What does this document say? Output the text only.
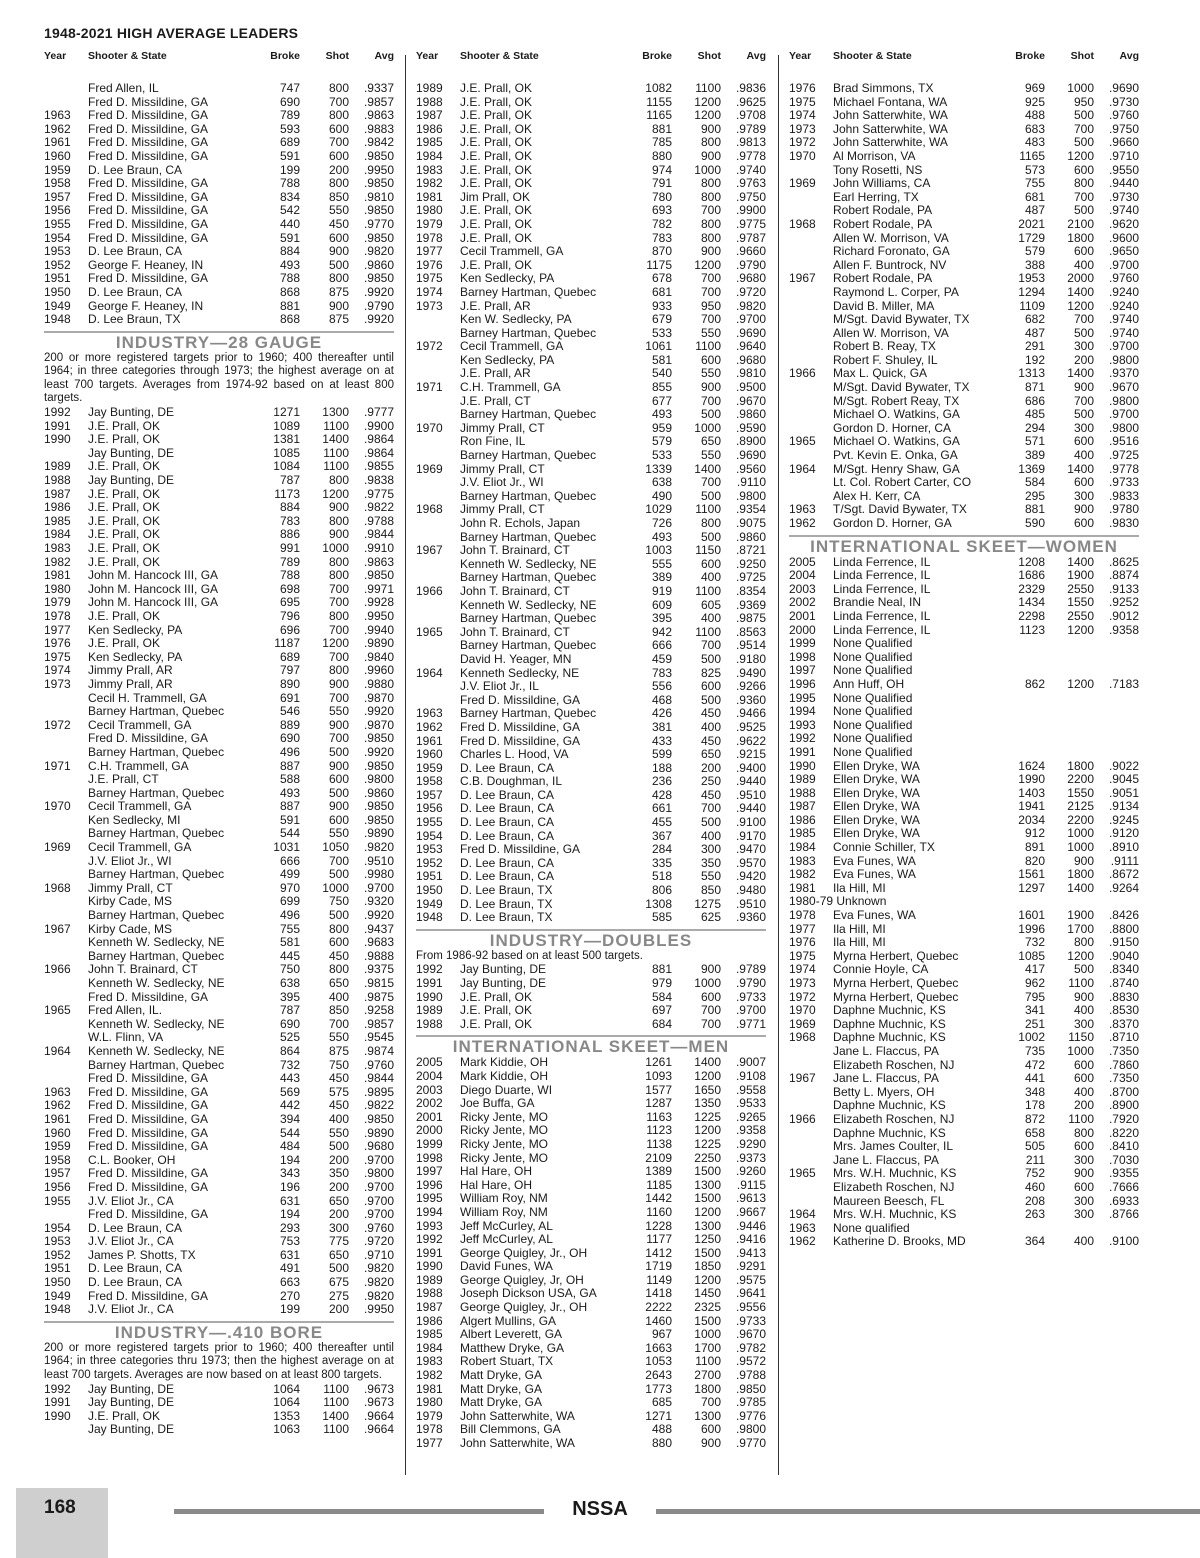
1948-2021 HIGH AVERAGE LEADERS
Year	Shooter & State	Broke	Shot	Avg
Fred Allen, IL	747	800	.9337
Fred D. Missildine, GA	690	700	.9857
1963	Fred D. Missildine, GA	789	800	.9863
1962	Fred D. Missildine, GA	593	600	.9883
1961	Fred D. Missildine, GA	689	700	.9842
1960	Fred D. Missildine, GA	591	600	.9850
1959	D. Lee Braun, CA	199	200	.9950
1958	Fred D. Missildine, GA	788	800	.9850
1957	Fred D. Missildine, GA	834	850	.9810
1956	Fred D. Missildine, GA	542	550	.9850
1955	Fred D. Missildine, GA	440	450	.9770
1954	Fred D. Missildine, GA	591	600	.9850
1953	D. Lee Braun, CA	884	900	.9820
1952	George F. Heaney, IN	493	500	.9860
1951	Fred D. Missildine, GA	788	800	.9850
1950	D. Lee Braun, CA	868	875	.9920
1949	George F. Heaney, IN	881	900	.9790
1948	D. Lee Braun, TX	868	875	.9920
INDUSTRY—28 GAUGE
200 or more registered targets prior to 1960; 400 thereafter until 1964; in three categories through 1973; the highest average on at least 700 targets. Averages from 1974-92 based on at least 800 targets.
1992	Jay Bunting, DE	1271	1300	.9777
1991	J.E. Prall, OK	1089	1100	.9900
1990	J.E. Prall, OK	1381	1400	.9864
Jay Bunting, DE	1085	1100	.9864
1989	J.E. Prall, OK	1084	1100	.9855
1988	Jay Bunting, DE	787	800	.9838
1987	J.E. Prall, OK	1173	1200	.9775
1986	J.E. Prall, OK	884	900	.9822
1985	J.E. Prall, OK	783	800	.9788
1984	J.E. Prall, OK	886	900	.9844
1983	J.E. Prall, OK	991	1000	.9910
1982	J.E. Prall, OK	789	800	.9863
1981	John M. Hancock III, GA	788	800	.9850
1980	John M. Hancock III, GA	698	700	.9971
1979	John M. Hancock III, GA	695	700	.9928
1978	J.E. Prall, OK	796	800	.9950
1977	Ken Sedlecky, PA	696	700	.9940
1976	J.E. Prall, OK	1187	1200	.9890
1975	Ken Sedlecky, PA	689	700	.9840
1974	Jimmy Prall, AR	797	800	.9960
1973	Jimmy Prall, AR	890	900	.9880
Cecil H. Trammell, GA	691	700	.9870
Barney Hartman, Quebec	546	550	.9920
1972	Cecil Trammell, GA	889	900	.9870
Fred D. Missildine, GA	690	700	.9850
Barney Hartman, Quebec	496	500	.9920
1971	C.H. Trammell, GA	887	900	.9850
J.E. Prall, CT	588	600	.9800
Barney Hartman, Quebec	493	500	.9860
1970	Cecil Trammell, GA	887	900	.9850
Ken Sedlecky, MI	591	600	.9850
Barney Hartman, Quebec	544	550	.9890
1969	Cecil Trammell, GA	1031	1050	.9820
J.V. Eliot Jr., WI	666	700	.9510
Barney Hartman, Quebec	499	500	.9980
1968	Jimmy Prall, CT	970	1000	.9700
Kirby Cade, MS	699	750	.9320
Barney Hartman, Quebec	496	500	.9920
1967	Kirby Cade, MS	755	800	.9437
Kenneth W. Sedlecky, NE	581	600	.9683
Barney Hartman, Quebec	445	450	.9888
1966	John T. Brainard, CT	750	800	.9375
Kenneth W. Sedlecky, NE	638	650	.9815
Fred D. Missildine, GA	395	400	.9875
1965	Fred Allen, IL.	787	850	.9258
Kenneth W. Sedlecky, NE	690	700	.9857
W.L. Flinn, VA	525	550	.9545
1964	Kenneth W. Sedlecky, NE	864	875	.9874
Barney Hartman, Quebec	732	750	.9760
Fred D. Missildine, GA	443	450	.9844
1963	Fred D. Missildine, GA	569	575	.9895
1962	Fred D. Missildine, GA	442	450	.9822
1961	Fred D. Missildine, GA	394	400	.9850
1960	Fred D. Missildine, GA	544	550	.9890
1959	Fred D. Missildine, GA	484	500	.9680
1958	C.L. Booker, OH	194	200	.9700
1957	Fred D. Missildine, GA	343	350	.9800
1956	Fred D. Missildine, GA	196	200	.9700
1955	J.V. Eliot Jr., CA	631	650	.9700
Fred D. Missildine, GA	194	200	.9700
1954	D. Lee Braun, CA	293	300	.9760
1953	J.V. Eliot Jr., CA	753	775	.9720
1952	James P. Shotts, TX	631	650	.9710
1951	D. Lee Braun, CA	491	500	.9820
1950	D. Lee Braun, CA	663	675	.9820
1949	Fred D. Missildine, GA	270	275	.9820
1948	J.V. Eliot Jr., CA	199	200	.9950
INDUSTRY—.410 BORE
200 or more registered targets prior to 1960; 400 thereafter until 1964; in three categories thru 1973; then the highest average on at least 700 targets. Averages are now based on at least 800 targets.
1992	Jay Bunting, DE	1064	1100	.9673
1991	Jay Bunting, DE	1064	1100	.9673
1990	J.E. Prall, OK	1353	1400	.9664
Jay Bunting, DE	1063	1100	.9664
Year	Shooter & State	Broke	Shot	Avg
1989	J.E. Prall, OK	1082	1100	.9836
1988	J.E. Prall, OK	1155	1200	.9625
1987	J.E. Prall, OK	1165	1200	.9708
1986	J.E. Prall, OK	881	900	.9789
1985	J.E. Prall, OK	785	800	.9813
1984	J.E. Prall, OK	880	900	.9778
1983	J.E. Prall, OK	974	1000	.9740
1982	J.E. Prall, OK	791	800	.9763
1981	Jim Prall, OK	780	800	.9750
1980	J.E. Prall, OK	693	700	.9900
1979	J.E. Prall, OK	782	800	.9775
1978	J.E. Prall, OK	783	800	.9787
1977	Cecil Trammell, GA	870	900	.9660
1976	J.E. Prall, OK	1175	1200	.9790
1975	Ken Sedlecky, PA	678	700	.9680
1974	Barney Hartman, Quebec	681	700	.9720
1973	J.E. Prall, AR	933	950	.9820
Ken W. Sedlecky, PA	679	700	.9700
Barney Hartman, Quebec	533	550	.9690
1972	Cecil Trammell, GA	1061	1100	.9640
Ken Sedlecky, PA	581	600	.9680
J.E. Prall, AR	540	550	.9810
1971	C.H. Trammell, GA	855	900	.9500
J.E. Prall, CT	677	700	.9670
Barney Hartman, Quebec	493	500	.9860
1970	Jimmy Prall, CT	959	1000	.9590
Ron Fine, IL	579	650	.8900
Barney Hartman, Quebec	533	550	.9690
1969	Jimmy Prall, CT	1339	1400	.9560
J.V. Eliot Jr., WI	638	700	.9110
Barney Hartman, Quebec	490	500	.9800
1968	Jimmy Prall, CT	1029	1100	.9354
John R. Echols, Japan	726	800	.9075
Barney Hartman, Quebec	493	500	.9860
1967	John T. Brainard, CT	1003	1150	.8721
Kenneth W. Sedlecky, NE	555	600	.9250
Barney Hartman, Quebec	389	400	.9725
1966	John T. Brainard, CT	919	1100	.8354
Kenneth W. Sedlecky, NE	609	605	.9369
Barney Hartman, Quebec	395	400	.9875
1965	John T. Brainard, CT	942	1100	.8563
Barney Hartman, Quebec	666	700	.9514
David H. Yeager, MN	459	500	.9180
1964	Kenneth Sedlecky, NE	783	825	.9490
J.V. Eliot Jr., IL	556	600	.9266
Fred D. Missildine, GA	468	500	.9360
1963	Barney Hartman, Quebec	426	450	.9466
1962	Fred D. Missildine, GA	381	400	.9525
1961	Fred D. Missildine, GA	433	450	.9622
1960	Charles L. Hood, VA	599	650	.9215
1959	D. Lee Braun, CA	188	200	.9400
1958	C.B. Doughman, IL	236	250	.9440
1957	D. Lee Braun, CA	428	450	.9510
1956	D. Lee Braun, CA	661	700	.9440
1955	D. Lee Braun, CA	455	500	.9100
1954	D. Lee Braun, CA	367	400	.9170
1953	Fred D. Missildine, GA	284	300	.9470
1952	D. Lee Braun, CA	335	350	.9570
1951	D. Lee Braun, CA	518	550	.9420
1950	D. Lee Braun, TX	806	850	.9480
1949	D. Lee Braun, TX	1308	1275	.9510
1948	D. Lee Braun, TX	585	625	.9360
INDUSTRY—DOUBLES
From 1986-92 based on at least 500 targets.
1992	Jay Bunting, DE	881	900	.9789
1991	Jay Bunting, DE	979	1000	.9790
1990	J.E. Prall, OK	584	600	.9733
1989	J.E. Prall, OK	697	700	.9700
1988	J.E. Prall, OK	684	700	.9771
INTERNATIONAL SKEET—MEN
2005	Mark Kiddie, OH	1261	1400	.9007
2004	Mark Kiddie, OH	1093	1200	.9108
2003	Diego Duarte, WI	1577	1650	.9558
2002	Joe Buffa, GA	1287	1350	.9533
2001	Ricky Jente, MO	1163	1225	.9265
2000	Ricky Jente, MO	1123	1200	.9358
1999	Ricky Jente, MO	1138	1225	.9290
1998	Ricky Jente, MO	2109	2250	.9373
1997	Hal Hare, OH	1389	1500	.9260
1996	Hal Hare, OH	1185	1300	.9115
1995	William Roy, NM	1442	1500	.9613
1994	William Roy, NM	1160	1200	.9667
1993	Jeff McCurley, AL	1228	1300	.9446
1992	Jeff McCurley, AL	1177	1250	.9416
1991	George Quigley, Jr., OH	1412	1500	.9413
1990	David Funes, WA	1719	1850	.9291
1989	George Quigley, Jr, OH	1149	1200	.9575
1988	Joseph Dickson USA, GA	1418	1450	.9641
1987	George Quigley, Jr., OH	2222	2325	.9556
1986	Algert Mullins, GA	1460	1500	.9733
1985	Albert Leverett, GA	967	1000	.9670
1984	Matthew Dryke, GA	1663	1700	.9782
1983	Robert Stuart, TX	1053	1100	.9572
1982	Matt Dryke, GA	2643	2700	.9788
1981	Matt Dryke, GA	1773	1800	.9850
1980	Matt Dryke, GA	685	700	.9785
1979	John Satterwhite, WA	1271	1300	.9776
1978	Bill Clemmons, GA	488	600	.9800
1977	John Satterwhite, WA	880	900	.9770
Year	Shooter & State	Broke	Shot	Avg
1976	Brad Simmons, TX	969	1000	.9690
1975	Michael Fontana, WA	925	950	.9730
1974	John Satterwhite, WA	488	500	.9760
1973	John Satterwhite, WA	683	700	.9750
1972	John Satterwhite, WA	483	500	.9660
1970	Al Morrison, VA	1165	1200	.9710
Tony Rosetti, NS	573	600	.9550
1969	John Williams, CA	755	800	.9440
Earl Herring, TX	681	700	.9730
Robert Rodale, PA	487	500	.9740
1968	Robert Rodale, PA	2021	2100	.9620
Allen W. Morrison, VA	1729	1800	.9600
Richard Foronato, GA	579	600	.9650
Allen F. Buntrock, NV	388	400	.9700
1967	Robert Rodale, PA	1953	2000	.9760
Raymond L. Corper, PA	1294	1400	.9240
David B. Miller, MA	1109	1200	.9240
M/Sgt. David Bywater, TX	682	700	.9740
Allen W. Morrison, VA	487	500	.9740
Robert B. Reay, TX	291	300	.9700
Robert F. Shuley, IL	192	200	.9800
1966	Max L. Quick, GA	1313	1400	.9370
M/Sgt. David Bywater, TX	871	900	.9670
M/Sgt. Robert Reay, TX	686	700	.9800
Michael O. Watkins, GA	485	500	.9700
Gordon D. Horner, CA	294	300	.9800
1965	Michael O. Watkins, GA	571	600	.9516
Pvt. Kevin E. Onka, GA	389	400	.9725
1964	M/Sgt. Henry Shaw, GA	1369	1400	.9778
Lt. Col. Robert Carter, CO	584	600	.9733
Alex H. Kerr, CA	295	300	.9833
1963	T/Sgt. David Bywater, TX	881	900	.9780
1962	Gordon D. Horner, GA	590	600	.9830
INTERNATIONAL SKEET—WOMEN
2005	Linda Ferrence, IL	1208	1400	.8625
2004	Linda Ferrence, IL	1686	1900	.8874
2003	Linda Ferrence, IL	2329	2550	.9133
2002	Brandie Neal, IN	1434	1550	.9252
2001	Linda Ferrence, IL	2298	2550	.9012
2000	Linda Ferrence, IL	1123	1200	.9358
1999	None Qualified
1998	None Qualified
1997	None Qualified
1996	Ann Huff, OH	862	1200	.7183
1995	None Qualified
1994	None Qualified
1993	None Qualified
1992	None Qualified
1991	None Qualified
1990	Ellen Dryke, WA	1624	1800	.9022
1989	Ellen Dryke, WA	1990	2200	.9045
1988	Ellen Dryke, WA	1403	1550	.9051
1987	Ellen Dryke, WA	1941	2125	.9134
1986	Ellen Dryke, WA	2034	2200	.9245
1985	Ellen Dryke, WA	912	1000	.9120
1984	Connie Schiller, TX	891	1000	.8910
1983	Eva Funes, WA	820	900	.9111
1982	Eva Funes, WA	1561	1800	.8672
1981	Ila Hill, MI	1297	1400	.9264
1980-79 Unknown
1978	Eva Funes, WA	1601	1900	.8426
1977	Ila Hill, MI	1996	1700	.8800
1976	Ila Hill, MI	732	800	.9150
1975	Myrna Herbert, Quebec	1085	1200	.9040
1974	Connie Hoyle, CA	417	500	.8340
1973	Myrna Herbert, Quebec	962	1100	.8740
1972	Myrna Herbert, Quebec	795	900	.8830
1970	Daphne Muchnic, KS	341	400	.8530
1969	Daphne Muchnic, KS	251	300	.8370
1968	Daphne Muchnic, KS	1002	1150	.8710
Jane L. Flaccus, PA	735	1000	.7350
Elizabeth Roschen, NJ	472	600	.7860
1967	Jane L. Flaccus, PA	441	600	.7350
Betty L. Myers, OH	348	400	.8700
Daphne Muchnic, KS	178	200	.8900
1966	Elizabeth Roschen, NJ	872	1100	.7920
Daphne Muchnic, KS	658	800	.8220
Mrs. James Coulter, IL	505	600	.8410
Jane L. Flaccus, PA	211	300	.7030
1965	Mrs. W.H. Muchnic, KS	752	900	.9355
Elizabeth Roschen, NJ	460	600	.7666
Maureen Beesch, FL	208	300	.6933
1964	Mrs. W.H. Muchnic, KS	263	300	.8766
1963	None qualified
1962	Katherine D. Brooks, MD	364	400	.9100
168	NSSA
